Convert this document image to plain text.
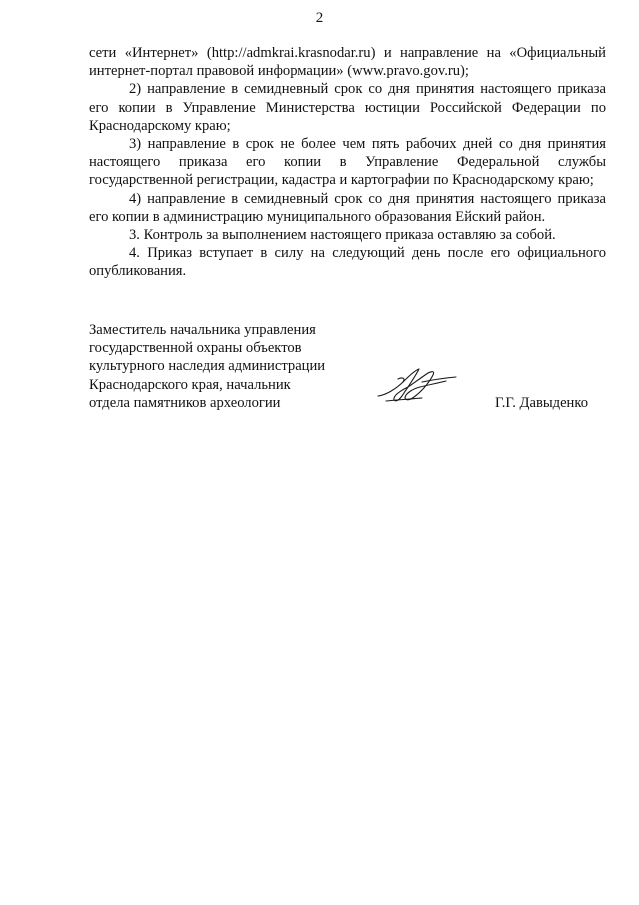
2

сети «Интернет» (http://admkrai.krasnodar.ru) и направление на «Официальный интернет-портал правовой информации» (www.pravo.gov.ru);

2) направление в семидневный срок со дня принятия настоящего приказа его копии в Управление Министерства юстиции Российской Федерации по Краснодарскому краю;

3) направление в срок не более чем пять рабочих дней со дня принятия настоящего приказа его копии в Управление Федеральной службы государственной регистрации, кадастра и картографии по Краснодарскому краю;

4) направление в семидневный срок со дня принятия настоящего приказа его копии в администрацию муниципального образования Ейский район.

3. Контроль за выполнением настоящего приказа оставляю за собой.

4. Приказ вступает в силу на следующий день после его официального опубликования.

Заместитель начальника управления
государственной охраны объектов
культурного наследия администрации
Краснодарского края, начальник
отдела памятников археологии	Г.Г. Давыденко
